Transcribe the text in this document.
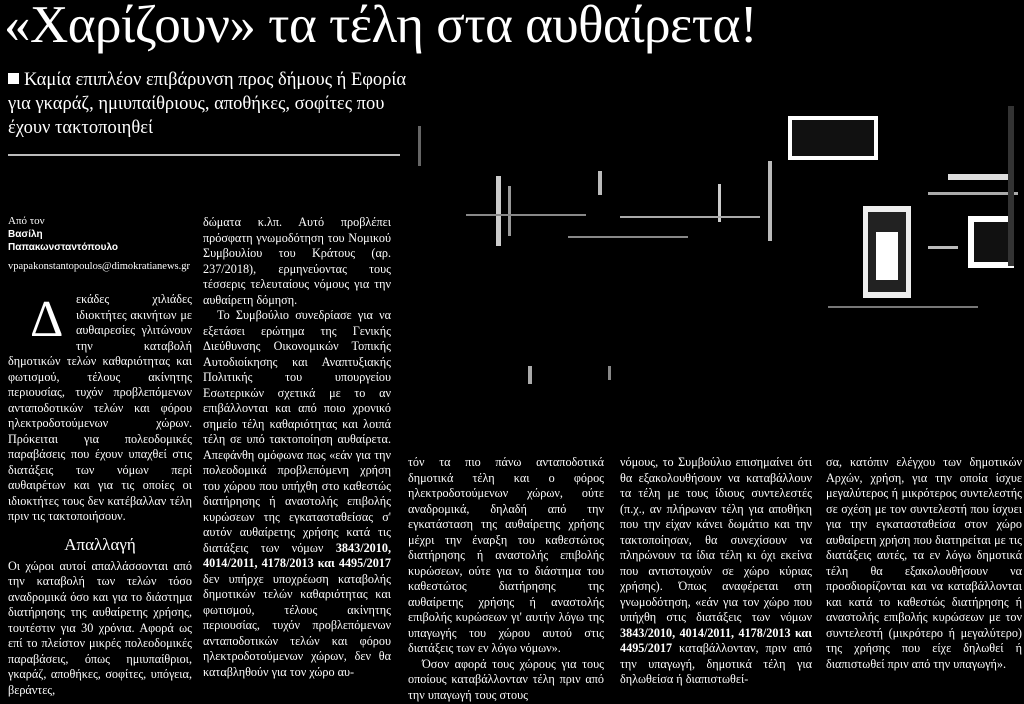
«Χαρίζουν» τα τέλη στα αυθαίρετα!
Καμία επιπλέον επιβάρυνση προς δήμους ή Εφορία για γκαράζ, ημιυπαίθριους, αποθήκες, σοφίτες που έχουν τακτοποιηθεί
Από τον
Βασίλη
Παπακωνσταντόπουλο
vpapakonstantopoulos@dimokratianews.gr
Δ	εκάδες χιλιάδες ιδιοκτήτες ακινήτων με αυθαιρεσίες γλιτώνουν την καταβολή δημοτικών τελών καθαριότητας και φωτισμού, τέλους ακίνητης περιουσίας, τυχόν προβλεπόμενων ανταποδοτικών τελών και φόρου ηλεκτροδοτούμενων χώρων. Πρόκειται για πολεοδομικές παραβάσεις που έχουν υπαχθεί στις διατάξεις των νόμων περί αυθαιρέτων και για τις οποίες οι ιδιοκτήτες τους δεν κατέβαλλαν τέλη πριν τις τακτοποιήσουν.

Απαλλαγή

Οι χώροι αυτοί απαλλάσσονται από την καταβολή των τελών τόσο αναδρομικά όσο και για το διάστημα διατήρησης της αυθαίρετης χρήσης, τουτέστιν για 30 χρόνια. Αφορά ως επί το πλείστον μικρές πολεοδομικές παραβάσεις, όπως ημιυπαίθριοι, γκαράζ, αποθήκες, σοφίτες, υπόγεια, βεράντες,

δώματα κ.λπ. Αυτό προβλέπει πρόσφατη γνωμοδότηση του Νομικού Συμβουλίου του Κράτους (αρ. 237/2018), ερμηνεύοντας τους τέσσερις τελευταίους νόμους για την αυθαίρετη δόμηση.

Το Συμβούλιο συνεδρίασε για να εξετάσει ερώτημα της Γενικής Διεύθυνσης Οικονομικών Τοπικής Αυτοδιοίκησης και Αναπτυξιακής Πολιτικής του υπουργείου Εσωτερικών σχετικά με το αν επιβάλλονται και από ποιο χρονικό σημείο τέλη καθαριότητας και λοιπά τέλη σε υπό τακτοποίηση αυθαίρετα. Απεφάνθη ομόφωνα πως «εάν για την πολεοδομικά προβλεπόμενη χρήση του χώρου που υπήχθη στο καθεστώς διατήρησης ή αναστολής επιβολής κυρώσεων της εγκατασταθείσας σ' αυτόν αυθαίρετης χρήσης κατά τις διατάξεις των νόμων 3843/2010, 4014/2011, 4178/2013 και 4495/2017 δεν υπήρχε υποχρέωση καταβολής δημοτικών τελών καθαριότητας και φωτισμού, τέλους ακίνητης περιουσίας, τυχόν προβλεπόμενων ανταποδοτικών τελών και φόρου ηλεκτροδοτούμενων χώρων, δεν θα καταβληθούν για τον χώρο αυ-

τόν τα πιο πάνω ανταποδοτικά δημοτικά τέλη και ο φόρος ηλεκτροδοτούμενων χώρων, ούτε αναδρομικά, δηλαδή από την εγκατάσταση της αυθαίρετης χρήσης μέχρι την έναρξη του καθεστώτος διατήρησης ή αναστολής επιβολής κυρώσεων, ούτε για το διάστημα του καθεστώτος διατήρησης της αυθαίρετης χρήσης ή αναστολής επιβολής κυρώσεων γι' αυτήν λόγω της υπαγωγής του χώρου αυτού στις διατάξεις των εν λόγω νόμων».

Όσον αφορά τους χώρους για τους οποίους καταβάλλονταν τέλη πριν από την υπαγωγή τους στους

νόμους, το Συμβούλιο επισημαίνει ότι θα εξακολουθήσουν να καταβάλλουν τα τέλη με τους ίδιους συντελεστές (π.χ., αν πλήρωναν τέλη για αποθήκη που την είχαν κάνει δωμάτιο και την τακτοποίησαν, θα συνεχίσουν να πληρώνουν τα ίδια τέλη κι όχι εκείνα που αντιστοιχούν σε χώρο κύριας χρήσης). Όπως αναφέρεται στη γνωμοδότηση, «εάν για τον χώρο που υπήχθη στις διατάξεις των νόμων 3843/2010, 4014/2011, 4178/2013 και 4495/2017 καταβάλλονταν, πριν από την υπαγωγή, δημοτικά τέλη για δηλωθείσα ή διαπιστωθεί-

σα, κατόπιν ελέγχου των δημοτικών Αρχών, χρήση, για την οποία ίσχυε μεγαλύτερος ή μικρότερος συντελεστής σε σχέση με τον συντελεστή που ίσχυει για την εγκατασταθείσα στον χώρο αυθαίρετη χρήση που διατηρείται με τις διατάξεις αυτές, τα εν λόγω δημοτικά τέλη θα εξακολουθήσουν να προσδιορίζονται και να καταβάλλονται και κατά το καθεστώς διατήρησης ή αναστολής επιβολής κυρώσεων με τον συντελεστή (μικρότερο ή μεγαλύτερο) της χρήσης που είχε δηλωθεί ή διαπιστωθεί πριν από την υπαγωγή».
